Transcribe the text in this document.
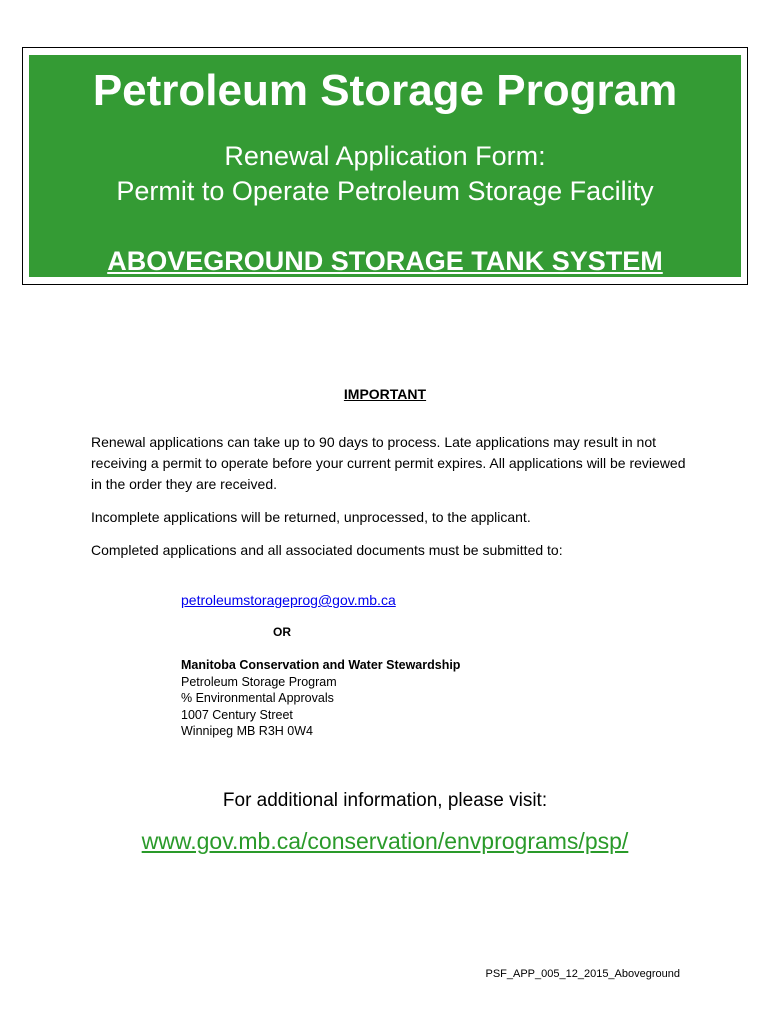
Petroleum Storage Program
Renewal Application Form:
Permit to Operate Petroleum Storage Facility
ABOVEGROUND STORAGE TANK SYSTEM
IMPORTANT
Renewal applications can take up to 90 days to process. Late applications may result in not receiving a permit to operate before your current permit expires. All applications will be reviewed in the order they are received.
Incomplete applications will be returned, unprocessed, to the applicant.
Completed applications and all associated documents must be submitted to:
petroleumstorageprog@gov.mb.ca
OR
Manitoba Conservation and Water Stewardship
Petroleum Storage Program
% Environmental Approvals
1007 Century Street
Winnipeg MB R3H 0W4
For additional information, please visit:
www.gov.mb.ca/conservation/envprograms/psp/
PSF_APP_005_12_2015_Aboveground
